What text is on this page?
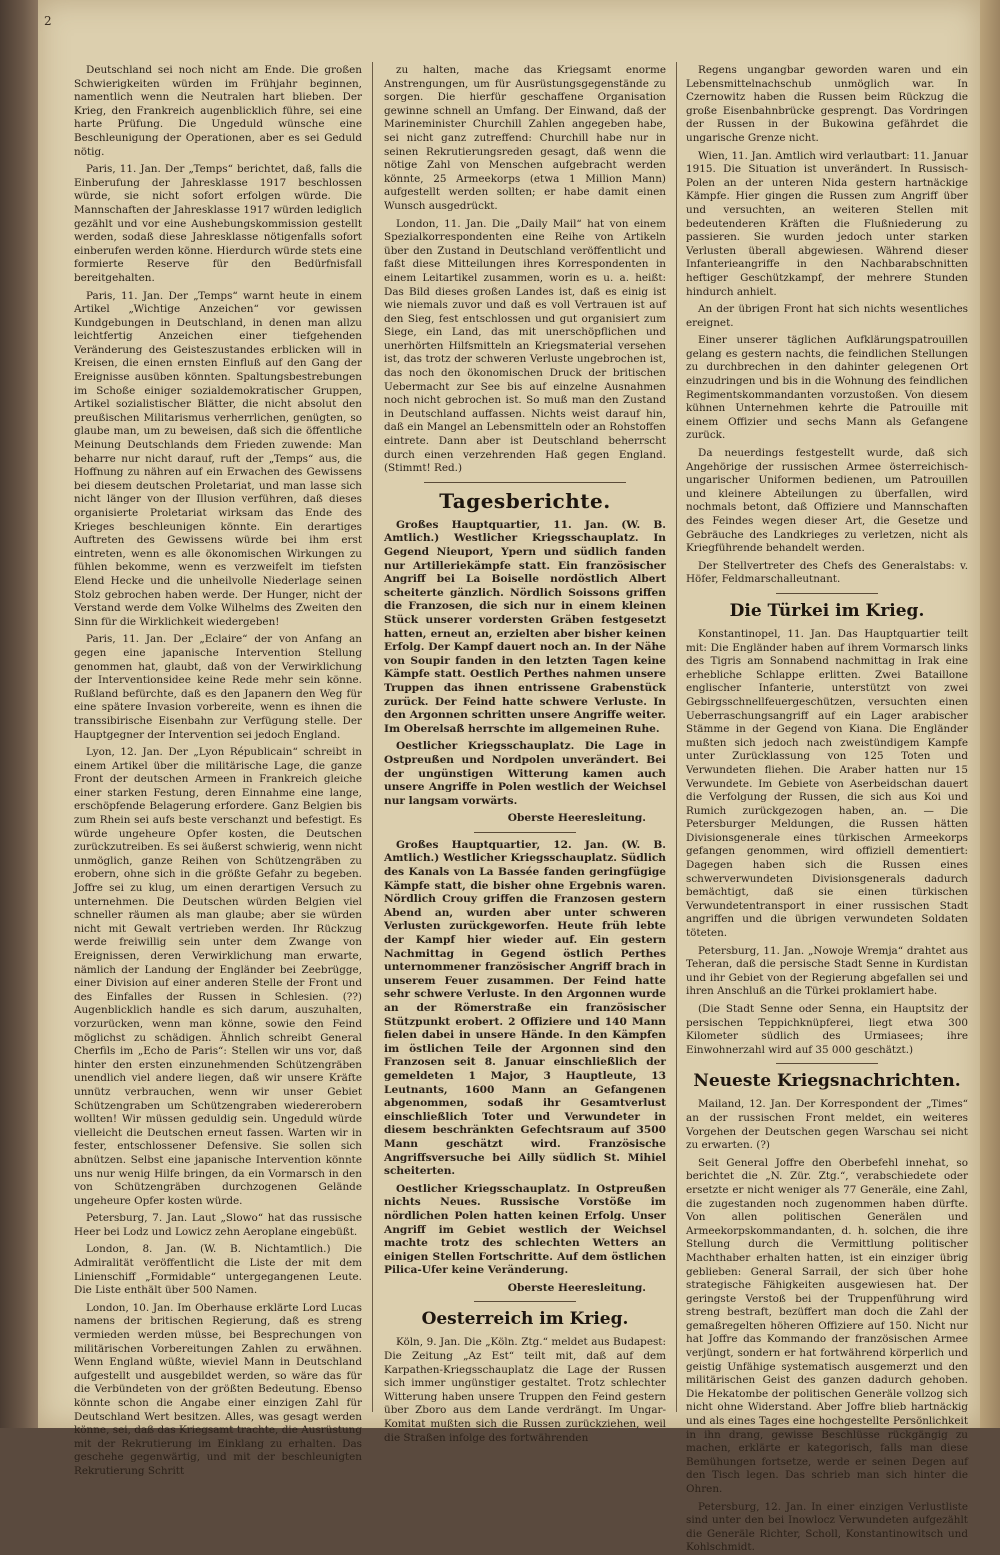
2

Deutschland sei noch nicht am Ende. Die großen Schwierigkeiten würden im Frühjahr beginnen, namentlich wenn die Neutralen hart blieben. Der Krieg, den Frankreich augenblicklich führe, sei eine harte Prüfung. Die Ungeduld wünsche eine Beschleunigung der Operationen, aber es sei Geduld nötig.

Paris, 11. Jan. Der „Temps“ berichtet, daß, falls die Einberufung der Jahresklasse 1917 beschlossen würde, sie nicht sofort erfolgen würde. Die Mannschaften der Jahresklasse 1917 würden lediglich gezählt und vor eine Aushebungskommission gestellt werden, sodaß diese Jahresklasse nötigenfalls sofort einberufen werden könne. Hierdurch würde stets eine formierte Reserve für den Bedürfnisfall bereitgehalten.

Paris, 11. Jan. Der „Temps“ warnt heute in einem Artikel „Wichtige Anzeichen“ vor gewissen Kundgebungen in Deutschland, in denen man allzu leichtfertig Anzeichen einer tiefgehenden Veränderung des Geisteszustandes erblicken will in Kreisen, die einen ernsten Einfluß auf den Gang der Ereignisse ausüben könnten. Spaltungsbestrebungen im Schoße einiger sozialdemokratischer Gruppen, Artikel sozialistischer Blätter, die nicht absolut den preußischen Militarismus verherrlichen, genügten, so glaube man, um zu beweisen, daß sich die öffentliche Meinung Deutschlands dem Frieden zuwende: Man beharre nur nicht darauf, ruft der „Temps“ aus, die Hoffnung zu nähren auf ein Erwachen des Gewissens bei diesem deutschen Proletariat, und man lasse sich nicht länger von der Illusion verführen, daß dieses organisierte Proletariat wirksam das Ende des Krieges beschleunigen könnte. Ein derartiges Auftreten des Gewissens würde bei ihm erst eintreten, wenn es alle ökonomischen Wirkungen zu fühlen bekomme, wenn es verzweifelt im tiefsten Elend Hecke und die unheilvolle Niederlage seinen Stolz gebrochen haben werde. Der Hunger, nicht der Verstand werde dem Volke Wilhelms des Zweiten den Sinn für die Wirklichkeit wiedergeben!

Paris, 11. Jan. Der „Eclaire“ der von Anfang an gegen eine japanische Intervention Stellung genommen hat, glaubt, daß von der Verwirklichung der Interventionsidee keine Rede mehr sein könne. Rußland befürchte, daß es den Japanern den Weg für eine spätere Invasion vorbereite, wenn es ihnen die transsibirische Eisenbahn zur Verfügung stelle. Der Hauptgegner der Intervention sei jedoch England.

Lyon, 12. Jan. Der „Lyon Républicain“ schreibt in einem Artikel über die militärische Lage, die ganze Front der deutschen Armeen in Frankreich gleiche einer starken Festung, deren Einnahme eine lange, erschöpfende Belagerung erfordere. Ganz Belgien bis zum Rhein sei aufs beste verschanzt und befestigt. Es würde ungeheure Opfer kosten, die Deutschen zurückzutreiben. Es sei äußerst schwierig, wenn nicht unmöglich, ganze Reihen von Schützengräben zu erobern, ohne sich in die größte Gefahr zu begeben. Joffre sei zu klug, um einen derartigen Versuch zu unternehmen. Die Deutschen würden Belgien viel schneller räumen als man glaube; aber sie würden nicht mit Gewalt vertrieben werden. Ihr Rückzug werde freiwillig sein unter dem Zwange von Ereignissen, deren Verwirklichung man erwarte, nämlich der Landung der Engländer bei Zeebrügge, einer Division auf einer anderen Stelle der Front und des Einfalles der Russen in Schlesien. (??) Augenblicklich handle es sich darum, auszuhalten, vorzurücken, wenn man könne, sowie den Feind möglichst zu schädigen. Ähnlich schreibt General Cherfils im „Echo de Paris“: Stellen wir uns vor, daß hinter den ersten einzunehmenden Schützengräben unendlich viel andere liegen, daß wir unsere Kräfte unnütz verbrauchen, wenn wir unser Gebiet Schützengraben um Schützengraben wiedererobern wollten! Wir müssen geduldig sein. Ungeduld würde vielleicht die Deutschen erneut fassen. Warten wir in fester, entschlossener Defensive. Sie sollen sich abnützen. Selbst eine japanische Intervention könnte uns nur wenig Hilfe bringen, da ein Vormarsch in den von Schützengräben durchzogenen Gelände ungeheure Opfer kosten würde.

Petersburg, 7. Jan. Laut „Slowo“ hat das russische Heer bei Lodz und Lowicz zehn Aeroplane eingebüßt.

London, 8. Jan. (W. B. Nichtamtlich.) Die Admiralität veröffentlicht die Liste der mit dem Linienschiff „Formidable“ untergegangenen Leute. Die Liste enthält über 500 Namen.

London, 10. Jan. Im Oberhause erklärte Lord Lucas namens der britischen Regierung, daß es streng vermieden werden müsse, bei Besprechungen von militärischen Vorbereitungen Zahlen zu erwähnen. Wenn England wüßte, wieviel Mann in Deutschland aufgestellt und ausgebildet werden, so wäre das für die Verbündeten von der größten Bedeutung. Ebenso könnte schon die Angabe einer einzigen Zahl für Deutschland Wert besitzen. Alles, was gesagt werden könne, sei, daß das Kriegsamt trachte, die Ausrüstung mit der Rekrutierung im Einklang zu erhalten. Das geschehe gegenwärtig, und mit der beschleunigten Rekrutierung Schritt

zu halten, mache das Kriegsamt enorme Anstrengungen, um für Ausrüstungsgegenstände zu sorgen. Die hierfür geschaffene Organisation gewinne schnell an Umfang. Der Einwand, daß der Marineminister Churchill Zahlen angegeben habe, sei nicht ganz zutreffend: Churchill habe nur in seinen Rekrutierungsreden gesagt, daß wenn die nötige Zahl von Menschen aufgebracht werden könnte, 25 Armeekorps (etwa 1 Million Mann) aufgestellt werden sollten; er habe damit einen Wunsch ausgedrückt.

London, 11. Jan. Die „Daily Mail“ hat von einem Spezialkorrespondenten eine Reihe von Artikeln über den Zustand in Deutschland veröffentlicht und faßt diese Mitteilungen ihres Korrespondenten in einem Leitartikel zusammen, worin es u. a. heißt: Das Bild dieses großen Landes ist, daß es einig ist wie niemals zuvor und daß es voll Vertrauen ist auf den Sieg, fest entschlossen und gut organisiert zum Siege, ein Land, das mit unerschöpflichen und unerhörten Hilfsmitteln an Kriegsmaterial versehen ist, das trotz der schweren Verluste ungebrochen ist, das noch den ökonomischen Druck der britischen Uebermacht zur See bis auf einzelne Ausnahmen noch nicht gebrochen ist. So muß man den Zustand in Deutschland auffassen. Nichts weist darauf hin, daß ein Mangel an Lebensmitteln oder an Rohstoffen eintrete. Dann aber ist Deutschland beherrscht durch einen verzehrenden Haß gegen England. (Stimmt! Red.)

Tagesberichte.

Großes Hauptquartier, 11. Jan. (W. B. Amtlich.) Westlicher Kriegsschauplatz. In Gegend Nieuport, Ypern und südlich fanden nur Artilleriekämpfe statt. Ein französischer Angriff bei La Boiselle nordöstlich Albert scheiterte gänzlich. Nördlich Soissons griffen die Franzosen, die sich nur in einem kleinen Stück unserer vordersten Gräben festgesetzt hatten, erneut an, erzielten aber bisher keinen Erfolg. Der Kampf dauert noch an. In der Nähe von Soupir fanden in den letzten Tagen keine Kämpfe statt. Oestlich Perthes nahmen unsere Truppen das ihnen entrissene Grabenstück zurück. Der Feind hatte schwere Verluste. In den Argonnen schritten unsere Angriffe weiter. Im Oberelsaß herrschte im allgemeinen Ruhe.

Oestlicher Kriegsschauplatz. Die Lage in Ostpreußen und Nordpolen unverändert. Bei der ungünstigen Witterung kamen auch unsere Angriffe in Polen westlich der Weichsel nur langsam vorwärts.

Oberste Heeresleitung.

Großes Hauptquartier, 12. Jan. (W. B. Amtlich.) Westlicher Kriegsschauplatz. Südlich des Kanals von La Bassée fanden geringfügige Kämpfe statt, die bisher ohne Ergebnis waren. Nördlich Crouy griffen die Franzosen gestern Abend an, wurden aber unter schweren Verlusten zurückgeworfen. Heute früh lebte der Kampf hier wieder auf. Ein gestern Nachmittag in Gegend östlich Perthes unternommener französischer Angriff brach in unserem Feuer zusammen. Der Feind hatte sehr schwere Verluste. In den Argonnen wurde an der Römerstraße ein französischer Stützpunkt erobert. 2 Offiziere und 140 Mann fielen dabei in unsere Hände. In den Kämpfen im östlichen Teile der Argonnen sind den Franzosen seit 8. Januar einschließlich der gemeldeten 1 Major, 3 Hauptleute, 13 Leutnants, 1600 Mann an Gefangenen abgenommen, sodaß ihr Gesamtverlust einschließlich Toter und Verwundeter in diesem beschränkten Gefechtsraum auf 3500 Mann geschätzt wird. Französische Angriffsversuche bei Ailly südlich St. Mihiel scheiterten.

Oestlicher Kriegsschauplatz. In Ostpreußen nichts Neues. Russische Vorstöße im nördlichen Polen hatten keinen Erfolg. Unser Angriff im Gebiet westlich der Weichsel machte trotz des schlechten Wetters an einigen Stellen Fortschritte. Auf dem östlichen Pilica-Ufer keine Veränderung.

Oberste Heeresleitung.

Oesterreich im Krieg.

Köln, 9. Jan. Die „Köln. Ztg.“ meldet aus Budapest: Die Zeitung „Az Est“ teilt mit, daß auf dem Karpathen-Kriegsschauplatz die Lage der Russen sich immer ungünstiger gestaltet. Trotz schlechter Witterung haben unsere Truppen den Feind gestern über Zboro aus dem Lande verdrängt. Im Ungar-Komitat mußten sich die Russen zurückziehen, weil die Straßen infolge des fortwährenden

Regens ungangbar geworden waren und ein Lebensmittelnachschub unmöglich war. In Czernowitz haben die Russen beim Rückzug die große Eisenbahnbrücke gesprengt. Das Vordringen der Russen in der Bukowina gefährdet die ungarische Grenze nicht.

Wien, 11. Jan. Amtlich wird verlautbart: 11. Januar 1915. Die Situation ist unverändert. In Russisch-Polen an der unteren Nida gestern hartnäckige Kämpfe. Hier gingen die Russen zum Angriff über und versuchten, an weiteren Stellen mit bedeutenderen Kräften die Flußniederung zu passieren. Sie wurden jedoch unter starken Verlusten überall abgewiesen. Während dieser Infanterieangriffe in den Nachbarabschnitten heftiger Geschützkampf, der mehrere Stunden hindurch anhielt.

An der übrigen Front hat sich nichts wesentliches ereignet.

Einer unserer täglichen Aufklärungspatrouillen gelang es gestern nachts, die feindlichen Stellungen zu durchbrechen in den dahinter gelegenen Ort einzudringen und bis in die Wohnung des feindlichen Regimentskommandanten vorzustoßen. Von diesem kühnen Unternehmen kehrte die Patrouille mit einem Offizier und sechs Mann als Gefangene zurück.

Da neuerdings festgestellt wurde, daß sich Angehörige der russischen Armee österreichisch-ungarischer Uniformen bedienen, um Patrouillen und kleinere Abteilungen zu überfallen, wird nochmals betont, daß Offiziere und Mannschaften des Feindes wegen dieser Art, die Gesetze und Gebräuche des Landkrieges zu verletzen, nicht als Kriegführende behandelt werden.

Der Stellvertreter des Chefs des Generalstabs: v. Höfer, Feldmarschalleutnant.

Die Türkei im Krieg.

Konstantinopel, 11. Jan. Das Hauptquartier teilt mit: Die Engländer haben auf ihrem Vormarsch links des Tigris am Sonnabend nachmittag in Irak eine erhebliche Schlappe erlitten. Zwei Bataillone englischer Infanterie, unterstützt von zwei Gebirgsschnellfeuergeschützen, versuchten einen Ueberraschungsangriff auf ein Lager arabischer Stämme in der Gegend von Kiana. Die Engländer mußten sich jedoch nach zweistündigem Kampfe unter Zurücklassung von 125 Toten und Verwundeten fliehen. Die Araber hatten nur 15 Verwundete. Im Gebiete von Aserbeidschan dauert die Verfolgung der Russen, die sich aus Koi und Rumich zurückgezogen haben, an. — Die Petersburger Meldungen, die Russen hätten Divisionsgenerale eines türkischen Armeekorps gefangen genommen, wird offiziell dementiert: Dagegen haben sich die Russen eines schwerverwundeten Divisionsgenerals dadurch bemächtigt, daß sie einen türkischen Verwundetentransport in einer russischen Stadt angriffen und die übrigen verwundeten Soldaten töteten.

Petersburg, 11. Jan. „Nowoje Wremja“ drahtet aus Teheran, daß die persische Stadt Senne in Kurdistan und ihr Gebiet von der Regierung abgefallen sei und ihren Anschluß an die Türkei proklamiert habe.

(Die Stadt Senne oder Senna, ein Hauptsitz der persischen Teppichknüpferei, liegt etwa 300 Kilometer südlich des Urmiasees; ihre Einwohnerzahl wird auf 35 000 geschätzt.)

Neueste Kriegsnachrichten.

Mailand, 12. Jan. Der Korrespondent der „Times“ an der russischen Front meldet, ein weiteres Vorgehen der Deutschen gegen Warschau sei nicht zu erwarten. (?)

Seit General Joffre den Oberbefehl innehat, so berichtet die „N. Zür. Ztg.“, verabschiedete oder ersetzte er nicht weniger als 77 Generäle, eine Zahl, die zugestanden noch zugenommen haben dürfte. Von allen politischen Generälen und Armeekorpskommandanten, d. h. solchen, die ihre Stellung durch die Vermittlung politischer Machthaber erhalten hatten, ist ein einziger übrig geblieben: General Sarrail, der sich über hohe strategische Fähigkeiten ausgewiesen hat. Der geringste Verstoß bei der Truppenführung wird streng bestraft, bezüffert man doch die Zahl der gemaßregelten höheren Offiziere auf 150. Nicht nur hat Joffre das Kommando der französischen Armee verjüngt, sondern er hat fortwährend körperlich und geistig Unfähige systematisch ausgemerzt und den militärischen Geist des ganzen dadurch gehoben. Die Hekatombe der politischen Generäle vollzog sich nicht ohne Widerstand. Aber Joffre blieb hartnäckig und als eines Tages eine hochgestellte Persönlichkeit in ihn drang, gewisse Beschlüsse rückgängig zu machen, erklärte er kategorisch, falls man diese Bemühungen fortsetze, werde er seinen Degen auf den Tisch legen. Das schrieb man sich hinter die Ohren.

Petersburg, 12. Jan. In einer einzigen Verlustliste sind unter den bei Inowlocz Verwundeten aufgezählt die Generäle Richter, Scholl, Konstantinowitsch und Kohlschmidt.
